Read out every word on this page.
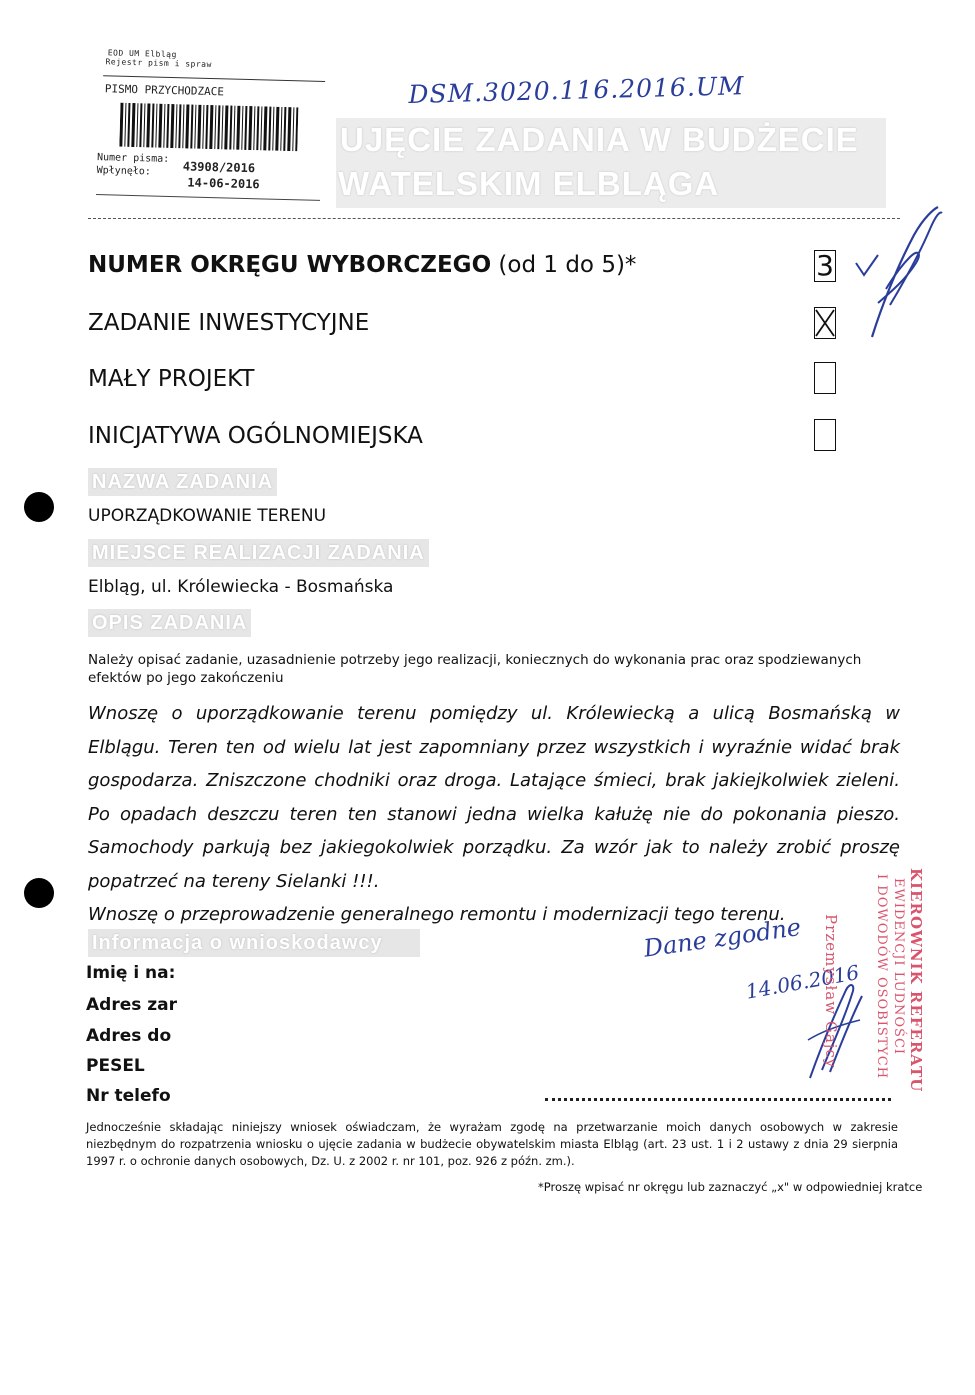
EOD UM Elbląg
Rejestr pism i spraw
PISMO PRZYCHODZACE
Numer pisma:
43908/2016
Wpłynęło:
14-06-2016
DSM.3020.116.2016.UM
UJĘCIE ZADANIA W BUDŻECIE
WATELSKIM ELBLĄGA
NUMER OKRĘGU WYBORCZEGO (od 1 do 5)*	3
ZADANIE INWESTYCYJNE
MAŁY PROJEKT
INICJATYWA OGÓLNOMIEJSKA
NAZWA ZADANIA
UPORZĄDKOWANIE TERENU
MIEJSCE REALIZACJI ZADANIA
Elbląg, ul. Królewiecka - Bosmańska
OPIS ZADANIA
Należy opisać zadanie, uzasadnienie potrzeby jego realizacji, koniecznych do wykonania prac oraz spodziewanych efektów po jego zakończeniu

Wnoszę o uporządkowanie terenu pomiędzy ul. Królewiecką a ulicą Bosmańską w Elblągu. Teren ten od wielu lat jest zapomniany przez wszystkich i wyraźnie widać brak gospodarza. Zniszczone chodniki oraz droga. Latające śmieci, brak jakiejkolwiek zieleni. Po opadach deszczu teren ten stanowi jedna wielka kałużę nie do pokonania pieszo. Samochody parkują bez jakiegokolwiek porządku. Za wzór jak to należy zrobić proszę popatrzeć na tereny Sielanki !!!.

Wnoszę o przeprowadzenie generalnego remontu i modernizacji tego terenu.

Informacja o wnioskodawcy
Imię i na:
Adres zar
Adres do
PESEL
Nr telefo
Dane zgodne
14.06.2016	KIEROWNIK REFERATU
EWIDENCJI LUDNOŚCI
I DOWODÓW OSOBISTYCH
Przemysław Gajcy
Jednocześnie składając niniejszy wniosek oświadczam, że wyrażam zgodę na przetwarzanie moich danych osobowych w zakresie niezbędnym do rozpatrzenia wniosku o ujęcie zadania w budżecie obywatelskim miasta Elbląg (art. 23 ust. 1 i 2 ustawy z dnia 29 sierpnia 1997 r. o ochronie danych osobowych, Dz. U. z 2002 r. nr 101, poz. 926 z późn. zm.).
*Proszę wpisać nr okręgu lub zaznaczyć „x" w odpowiedniej kratce
